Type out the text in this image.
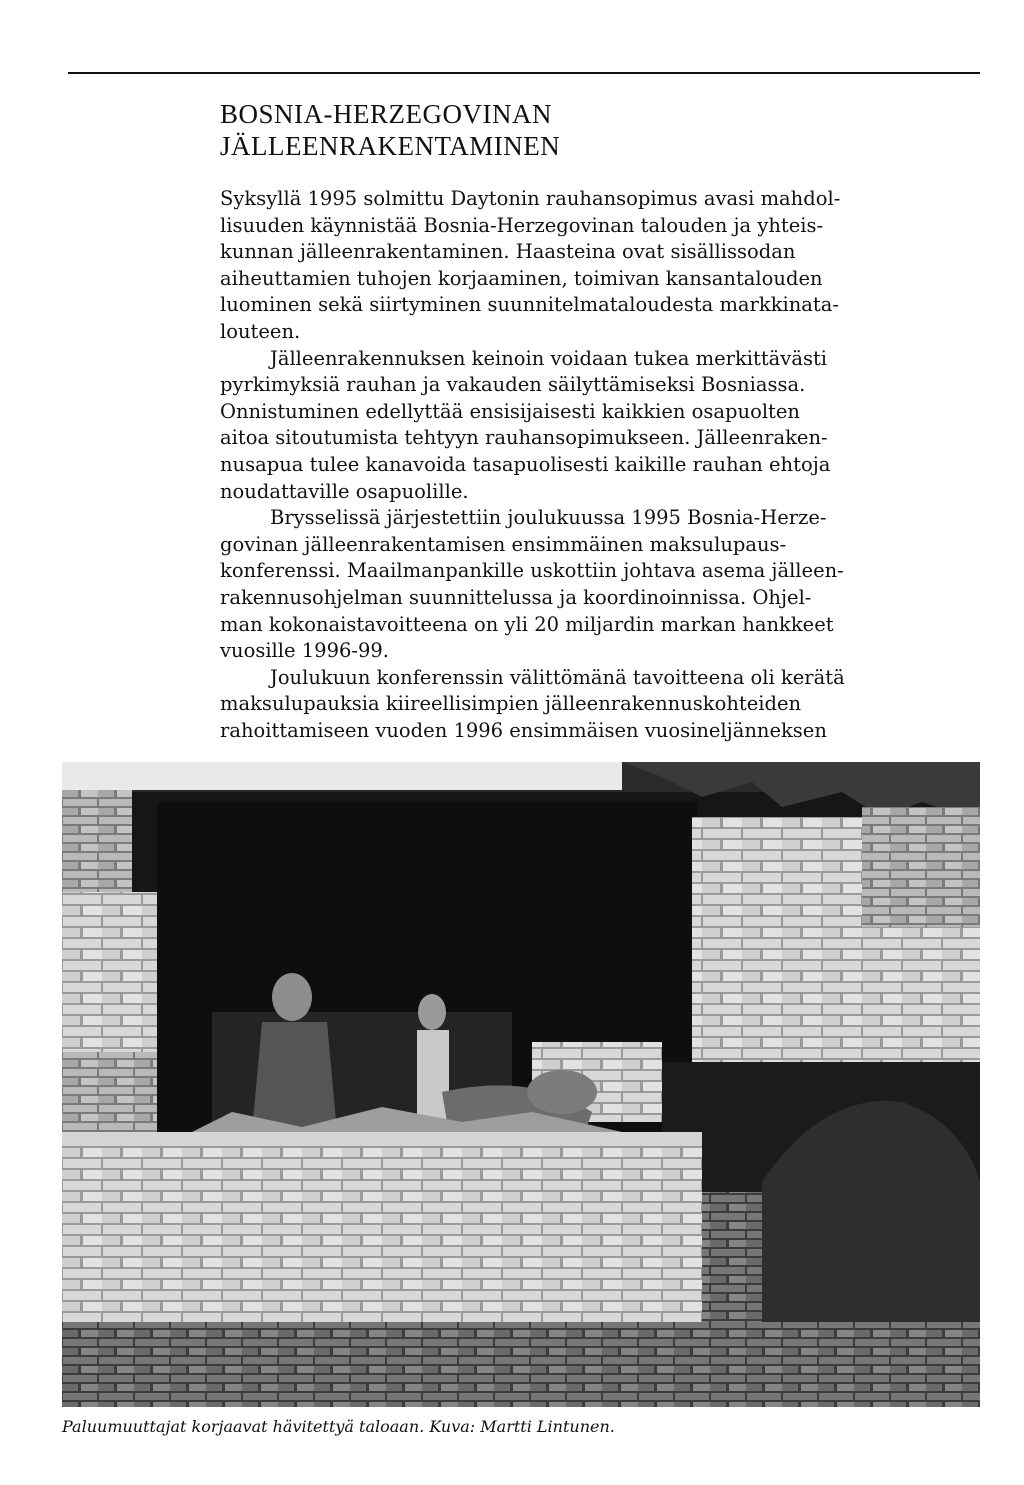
BOSNIA-HERZEGOVINAN
JÄLLEENRAKENTAMINEN

Syksyllä 1995 solmittu Daytonin rauhansopimus avasi mahdol-
lisuuden käynnistää Bosnia-Herzegovinan talouden ja yhteis-
kunnan jälleenrakentaminen. Haasteina ovat sisällissodan
aiheuttamien tuhojen korjaaminen, toimivan kansantalouden
luominen sekä siirtyminen suunnitelmataloudesta markkinata-
louteen.

Jälleenrakennuksen keinoin voidaan tukea merkittävästi
pyrkimyksiä rauhan ja vakauden säilyttämiseksi Bosniassa.
Onnistuminen edellyttää ensisijaisesti kaikkien osapuolten
aitoa sitoutumista tehtyyn rauhansopimukseen. Jälleenraken-
nusapua tulee kanavoida tasapuolisesti kaikille rauhan ehtoja
noudattaville osapuolille.

Brysselissä järjestettiin joulukuussa 1995 Bosnia-Herze-
govinan jälleenrakentamisen ensimmäinen maksulupaus-
konferenssi. Maailmanpankille uskottiin johtava asema jälleen-
rakennusohjelman suunnittelussa ja koordinoinnissa. Ohjel-
man kokonaistavoitteena on yli 20 miljardin markan hankkeet
vuosille 1996-99.

Joulukuun konferenssin välittömänä tavoitteena oli kerätä
maksulupauksia kiireellisimpien jälleenrakennuskohteiden
rahoittamiseen vuoden 1996 ensimmäisen vuosineljänneksen

Paluumuuttajat korjaavat hävitettyä taloaan. Kuva: Martti Lintunen.
